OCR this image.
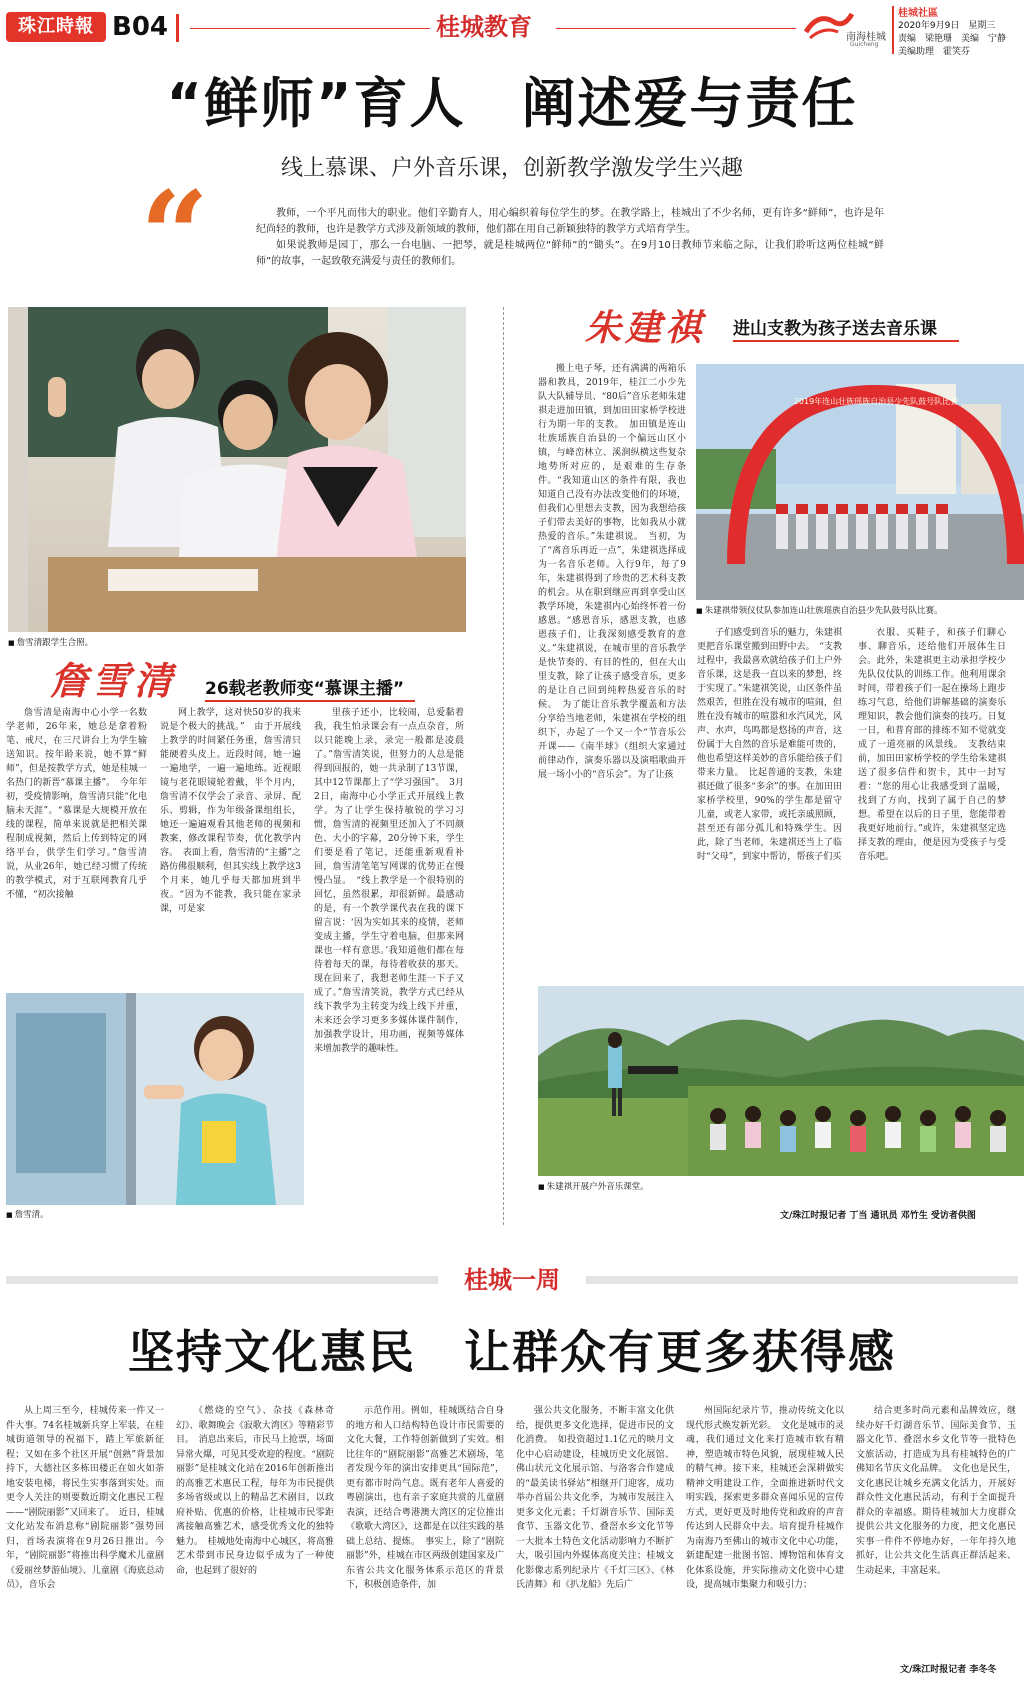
珠江時報 B04	桂城教育	南海桂城
Guicheng
桂城社區
2020年9月9日　星期三
责编　梁艳珊　美编　宁静
美编助理　霍笑芬
“鲜师”育人　阐述爱与责任
线上慕课、户外音乐课，创新教学激发学生兴趣
“	教师，一个平凡而伟大的职业。他们辛勤育人，用心编织着每位学生的梦。在教学路上，桂城出了不少名师，更有许多“鲜师”，也许是年纪尚轻的教师，也许是教学方式涉及新领域的教师，他们都在用自己新颖独特的教学方式培育学生。

如果说教师是园丁，那么一台电脑、一把琴，就是桂城两位“鲜师”的“锄头”。在9月10日教师节来临之际，让我们聆听这两位桂城“鲜师”的故事，一起致敬充满爱与责任的教师们。

■ 詹雪清跟学生合照。
詹雪清 26载老教师变“慕课主播”

詹雪清是南海中心小学一名数学老师，26年来，她总是拿着粉笔、戒尺，在三尺讲台上为学生输送知识。按年龄来说，她不算“鲜师”，但是按教学方式，她是桂城一名热门的新晋“慕课主播”。　今年年初，受疫情影响，詹雪清只能“化电脑未天涯”。“慕课是大规模开放在线的课程，简单来说就是把相关课程制成视频，然后上传到特定的网络平台，供学生们学习。”詹雪清说，从业26年，她已经习惯了传统的教学模式，对于互联网教育几乎不懂，“初次接触

网上教学，这对快50岁的我来说是个极大的挑战。”　由于开展线上教学的时间紧任务重，詹雪清只能硬着头皮上。近段时间，她一遍一遍地学，一遍一遍地练。近视眼镜与老花眼镜轮着戴，半个月内，詹雪清不仅学会了录音、录屏、配乐、剪辑，作为年级备课组组长，她还一遍遍观看其他老师的视频和教案，修改课程节奏，优化教学内容。　表面上看，詹雪清的“主播”之路仿佛很顺利，但其实线上教学这3个月来，她几乎每天都加班到半夜。“因为不能教，我只能在家录课，可是家

里孩子还小，比较闹，总爱黏着我，我生怕录课会有一点点杂音，所以只能晚上录，录完一般都是凌晨了。”詹雪清笑说，但努力的人总是能得到回报的，她一共录制了13节课，其中12节课都上了“学习强国”。　3月2日，南海中心小学正式开展线上教学。为了让学生保持敏锐的学习习惯，詹雪清的视频里还加入了不同颜色、大小的字幕，20分钟下来，学生们要是看了笔记，还能重新观看补回，詹雪清笔笔写网课的优势正在慢慢凸显。　“线上教学是一个很特别的回忆，虽然很累，却很新鲜。最感动的是，有一个教学课代表在我的课下留言说：‘因为实如其来的疫情，老师变成主播，学生守着电脑，但那来网课也一样有意思。’我知道他们都在每待着每天的课，每待着收获的那天。现在回来了，我想老师生涯一下子又成了。”詹雪清笑说，教学方式已经从线下教学为主转变为线上线下并重，未来还会学习更多多媒体课件制作，加强教学设计，用功画，视频等媒体来增加教学的趣味性。

■ 詹雪清。
朱建祺 进山支教为孩子送去音乐课

搬上电子琴，还有满满的两箱乐器和教具，2019年，桂江二小少先队大队辅导员、“80后”音乐老师朱建祺走进加田镇，到加田田家桥学校进行为期一年的支教。　加田镇是连山壮族瑶族自治县的一个偏远山区小镇，与峰峦林立、溪涧纵横这些复杂地势所对应的，是艰难的生存条件。“我知道山区的条件有限，我也知道自己没有办法改变他们的环境，但我们心里想去支教，因为我想给孩子们带去美好的事物，比如我从小就热爱的音乐。”朱建祺说。　当初，为了“离音乐再近一点”，朱建祺选择成为一名音乐老师。入行9年，每了9年，朱建祺得到了珍贵的艺术科支教的机会。从在职到继应再到享受山区教学环境，朱建祺内心始终怀着一份感恩。“感恩音乐，感恩支教，也感恩孩子们，让我深刻感受教育的意义。”朱建祺说，在城市里的音乐教学是快节奏的、有目的性的，但在大山里支教，除了让孩子感受音乐，更多的是让自己回到纯粹热爱音乐的时候。　为了能让音乐教学覆盖和方法分享给当地老师，朱建祺在学校的组织下，办起了一个又一个“节音乐公开课——《南半球》（组织大家通过前律动作，演奏乐器以及演唱歌曲开展一场小小的“音乐会”。为了让孩

2019年连山壮族瑶族自治县少先队鼓号队比赛
■ 朱建祺带领仪仗队参加连山壮族瑶族自治县少先队鼓号队比赛。

子们感受到音乐的魅力，朱建祺更把音乐课堂搬到田野中去。　“支教过程中，我最喜欢就给孩子们上户外音乐课，这是我一直以来的梦想，终于实现了。”朱建祺笑说，山区条件虽然艰苦，但胜在没有城市的喧闹，但胜在没有城市的喧嚣和水汽风光，风声、水声，鸟鸣都是悠扬的声音，这份属于大自然的音乐是难能可贵的，他也希望这样美妙的音乐能给孩子们带来力量。　比起普通的支教，朱建祺还做了很多“多余”的事。在加田田家桥学校里，90%的学生都是留守儿童，或老人家带，或托亲戚照顾，甚至还有部分孤儿和特殊学生。因此，除了当老师，朱建祺还当上了临时“父母”，到家中帮访，帮孩子们买

衣服、买鞋子，和孩子们聊心事、聊音乐，还给他们开展体生日会。此外，朱建祺更主动承担学校少先队仪仗队的训练工作。他利用课余时间，带着孩子们一起在操场上跑步练习气息，给他们讲解基础的演奏乐理知识，教会他们演奏的技巧。日复一日，和普育郎的排练不知不觉就变成了一道亮丽的风景线。　支教结束前，加田田家桥学校的学生给朱建祺送了很多信件和贺卡，其中一封写着：“您的用心让我感受到了温暖，找到了方向，找到了属于自己的梦想。希望在以后的日子里，您能带着我更好地前行。”或许，朱建祺坚定选择支教的理由，便是因为受孩子与受音乐吧。

■ 朱建祺开展户外音乐课堂。
文/珠江时报记者 丁当 通讯员 邓竹生 受访者供图
桂城一周
坚持文化惠民　让群众有更多获得感

从上周三至今，桂城传来一件又一件大事。74名桂城新兵穿上军装，在桂城街道领导的祝福下，踏上军旅新征程；又如在多个社区开展“创熟”背景加持下，大德社区多栋田楼正在如火如荼地安装电梯，将民生实事落到实处。而更令人关注的则要数近期文化惠民工程——“剧院丽影”又回来了。　近日，桂城文化站发布消息称“剧院丽影”强势回归，首场表演将在9月26日推出。今年，“剧院丽影”将推出科学魔术儿童剧《爱丽丝梦游仙境》、儿童剧《海底总动员》，音乐会

《燃烧的空气》、杂技《森林奇幻》、歌舞晚会《寂歌大湾区》等精彩节目。　消息出来后，市民马上抢票，场面异常火爆，可见其受欢迎的程度。“剧院丽影”是桂城文化站在2016年创新推出的高雅艺术惠民工程，每年为市民提供多场省级或以上的精品艺术剧目，以政府补贴、优惠的价格，让桂城市民零距离接触高雅艺术，感受优秀文化的独特魅力。　桂城地处南海中心城区，将高雅艺术带到市民身边似乎成为了一种使命，也起到了很好的

示范作用。例如，桂城既结合自身的地方和人口结构特色设计市民需要的文化大餐，工作特创新做到了实效。相比往年的“剧院丽影”高雅艺术剧场，笔者发现今年的演出安排更具“国际范”，更有都市时尚气息。既有老年人喜爱的粤剧演出，也有亲子家庭共赏的儿童剧表演，还结合粤港澳大湾区的定位推出《歌歌大湾区》，这都是在以往实践的基础上总结、提炼。　事实上，除了“剧院丽影”外，桂城在市区两级创建国家及广东省公共文化服务体系示范区的背景下，积极创造条件，加

强公共文化服务，不断丰富文化供给，提供更多文化选择，促进市民的文化消费。　如投资超过1.1亿元的映月文化中心启动建设，桂城历史文化展馆、佛山状元文化展示馆、与洛客合作建成的“最美读书驿站”相继开门迎客，成功举办首届公共文化季，为城市发展注入更多文化元素；千灯湖音乐节、国际美食节、玉器文化节、叠滘水乡文化节等一大批本土特色文化活动影响力不断扩大，吸引国内外媒体高度关注；桂城文化影像志系列纪录片《千灯三区》、《林氏清舞》和《扒龙船》先后广

州国际纪录片节，推动传统文化以现代形式焕发新光彩。　文化是城市的灵魂，我们通过文化来打造城市软有精神，塑造城市特色风貌，展现桂城人民的精气神。接下来，桂城还会深耕做实精神文明建设工作，全面推进新时代文明实践，探索更多群众喜闻乐见的宣传方式，更好更及时地传党和政府的声音传达到人民群众中去。培育提升桂城作为南海乃至佛山的城市文化中心功能，新建配建一批图书馆、博物馆和体育文化体系设施，并实际推动文化资中心建设，提高城市集聚力和吸引力；

结合更多时尚元素和品牌效应，继续办好千灯湖音乐节、国际美食节、玉器文化节、叠滘水乡文化节等一批特色文旅活动，打造成为具有桂城特色的广佛知名节庆文化品牌。　文化也是民生，文化惠民让城乡充满文化活力，开展好群众性文化惠民活动，有利于全面提升群众的幸福感。期待桂城加大力度群众提供公共文化服务的力度，把文化惠民实事一件件不停地办好，一年年持久地抓好，让公共文化生活真正群活起来、生动起来，丰富起来。

文/珠江时报记者 李冬冬
